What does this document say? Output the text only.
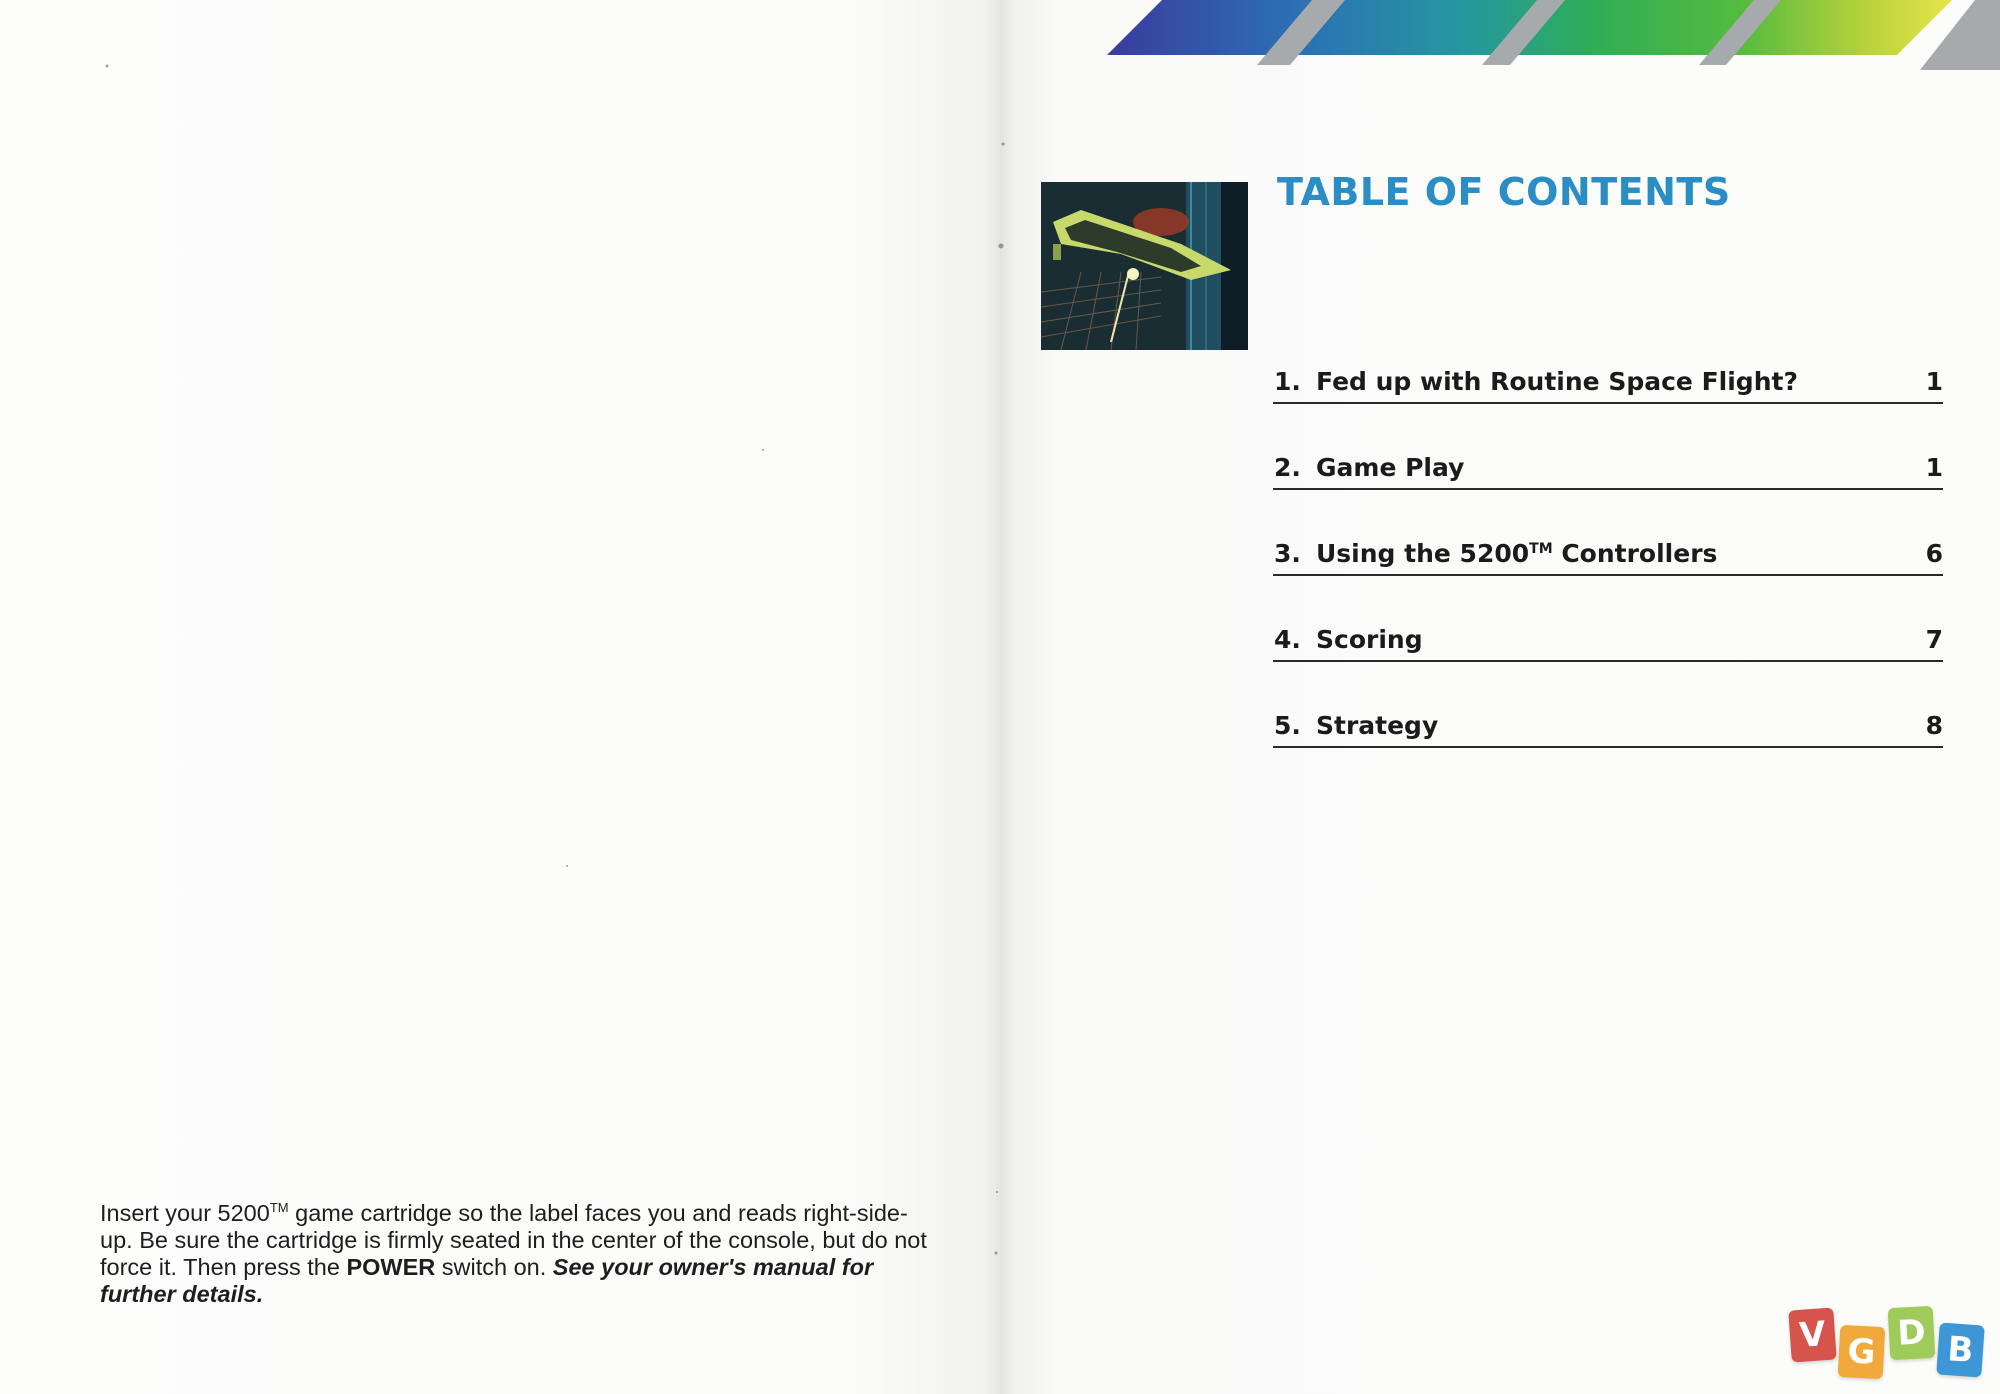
TABLE OF CONTENTS
1. Fed up with Routine Space Flight?	1
2. Game Play	1
3. Using the 5200™ Controllers	6
4. Scoring	7
5. Strategy	8

Insert your 5200™ game cartridge so the label faces you and reads right-side-up. Be sure the cartridge is firmly seated in the center of the console, but do not force it. Then press the POWER switch on. See your owner's manual for further details.

V G D B
